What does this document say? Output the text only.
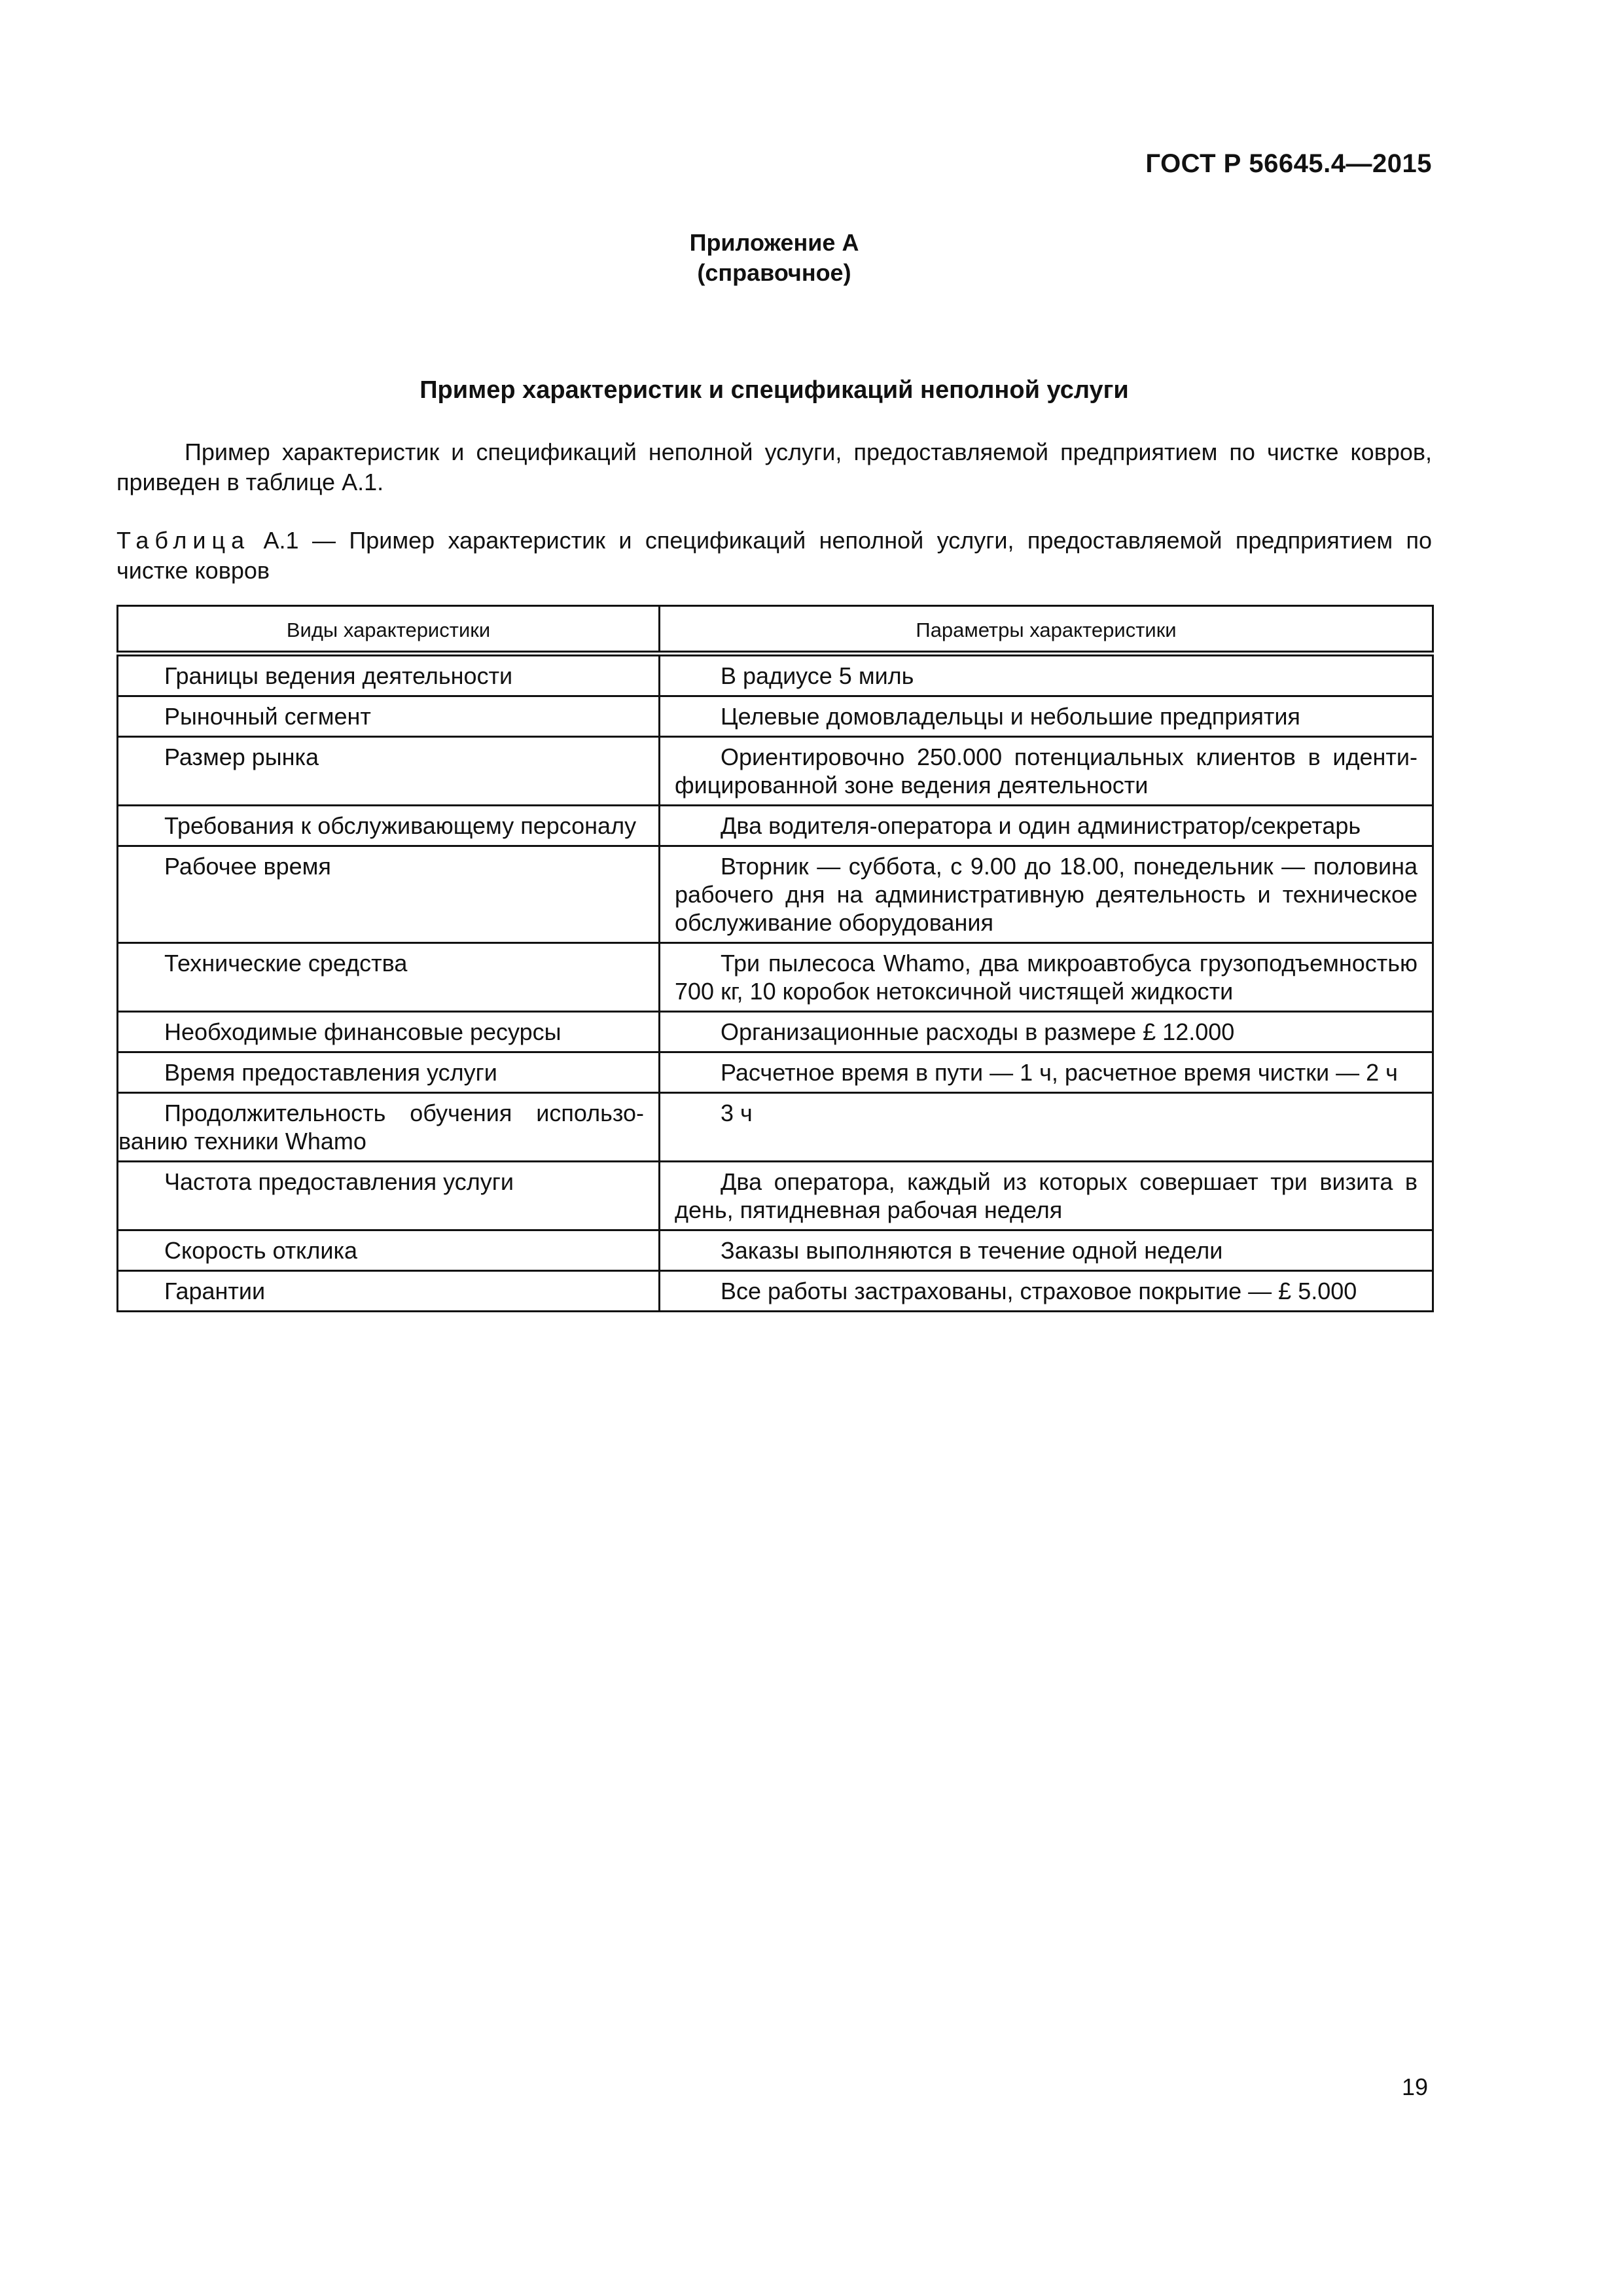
ГОСТ Р 56645.4—2015
Приложение А
(справочное)
Пример характеристик и спецификаций неполной услуги

Пример характеристик и спецификаций неполной услуги, предоставляемой предприятием по чистке ковров, приведен в таблице А.1.

Таблица А.1 — Пример характеристик и спецификаций неполной услуги, предоставляемой предприятием по чистке ковров

Виды характеристики	Параметры характеристики
Границы ведения деятельности	В радиусе 5 миль
Рыночный сегмент	Целевые домовладельцы и небольшие предприятия
Размер рынка	Ориентировочно 250.000 потенциальных клиентов в иденти-фицированной зоне ведения деятельности
Требования к обслуживающему персоналу	Два водителя-оператора и один администратор/секретарь
Рабочее время	Вторник — суббота, с 9.00 до 18.00, понедельник — половина рабочего дня на административную деятельность и техническое обслуживание оборудования
Технические средства	Три пылесоса Whamo, два микроавтобуса грузоподъемностью 700 кг, 10 коробок нетоксичной чистящей жидкости
Необходимые финансовые ресурсы	Организационные расходы в размере £ 12.000
Время предоставления услуги	Расчетное время в пути — 1 ч, расчетное время чистки — 2 ч
Продолжительность обучения использо-ванию техники Whamo	3 ч
Частота предоставления услуги	Два оператора, каждый из которых совершает три визита в день, пятидневная рабочая неделя
Скорость отклика	Заказы выполняются в течение одной недели
Гарантии	Все работы застрахованы, страховое покрытие — £ 5.000
19
